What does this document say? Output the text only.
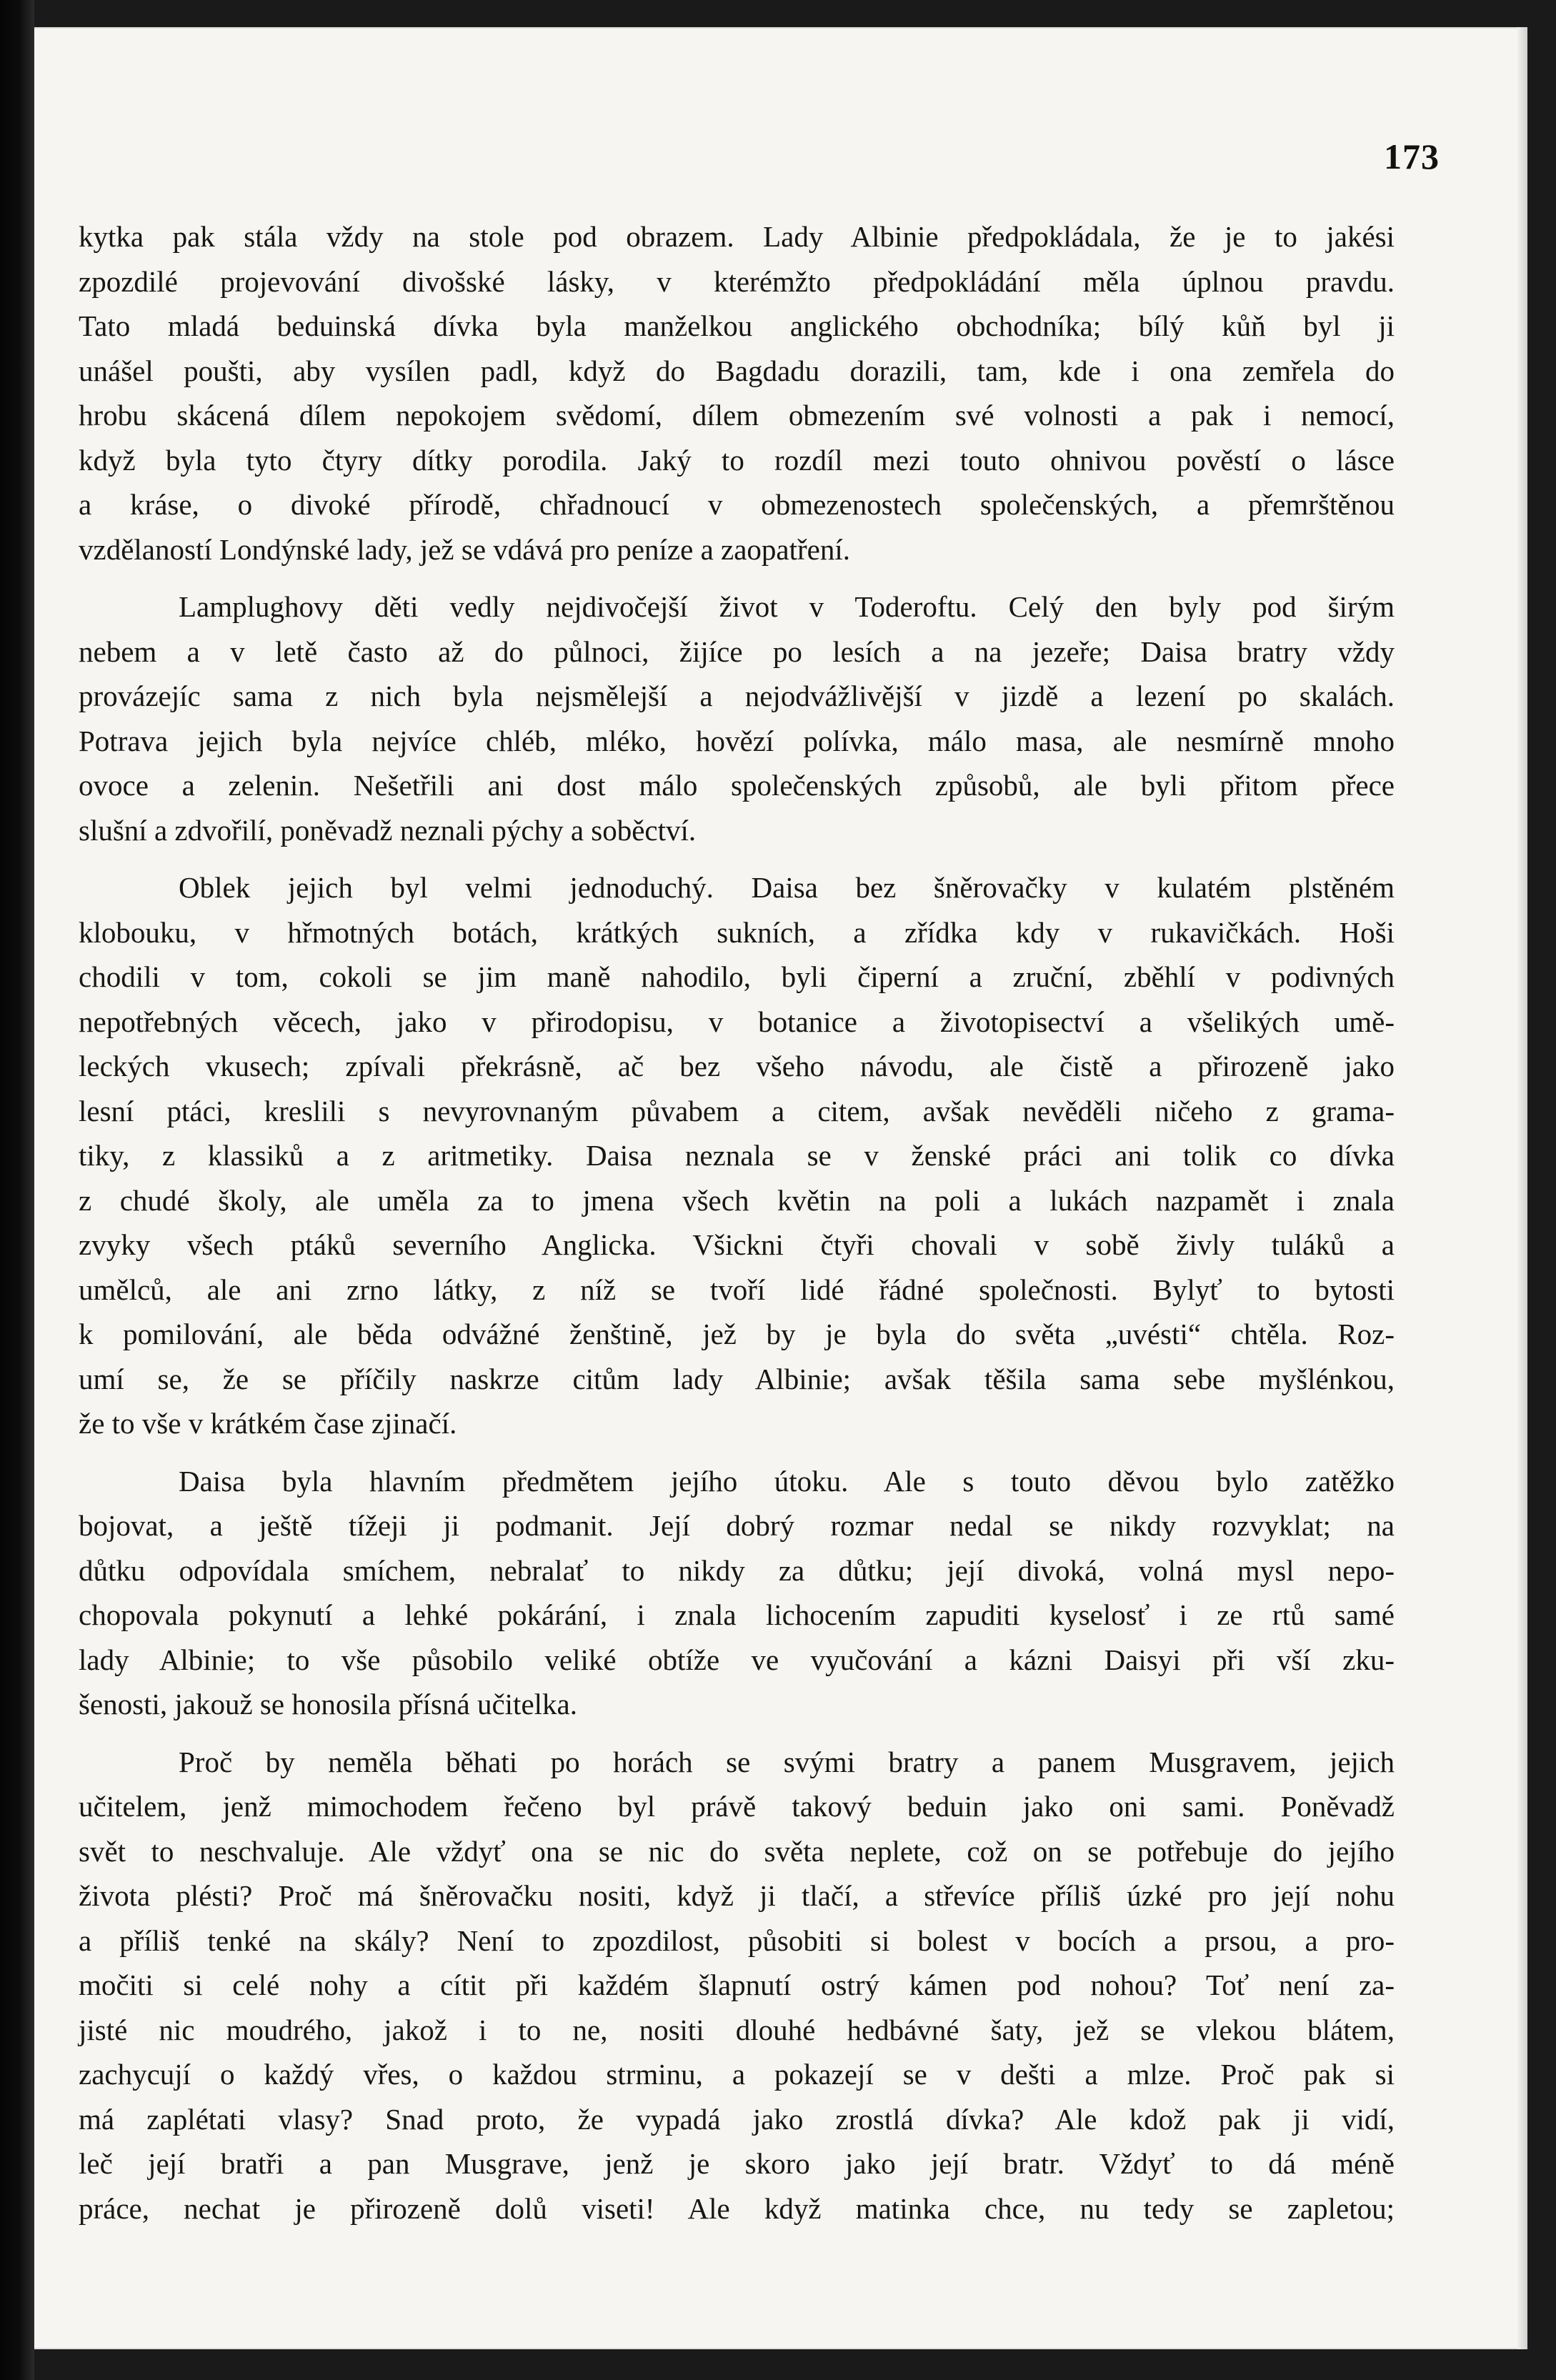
173

kytka pak stála vždy na stole pod obrazem. Lady Albinie předpokládala, že je to jakési
zpozdilé projevování divošské lásky, v kterémžto předpokládání měla úplnou pravdu.
Tato mladá beduinská dívka byla manželkou anglického obchodníka; bílý kůň byl ji
unášel poušti, aby vysílen padl, když do Bagdadu dorazili, tam, kde i ona zemřela do
hrobu skácená dílem nepokojem svědomí, dílem obmezením své volnosti a pak i nemocí,
když byla tyto čtyry dítky porodila. Jaký to rozdíl mezi touto ohnivou pověstí o lásce
a kráse, o divoké přírodě, chřadnoucí v obmezenostech společenských, a přemrštěnou
vzdělaností Londýnské lady, jež se vdává pro peníze a zaopatření.

Lamplughovy děti vedly nejdivočejší život v Toderoftu. Celý den byly pod širým
nebem a v letě často až do půlnoci, žijíce po lesích a na jezeře; Daisa bratry vždy
provázejíc sama z nich byla nejsmělejší a nejodvážlivější v jizdě a lezení po skalách.
Potrava jejich byla nejvíce chléb, mléko, hovězí polívka, málo masa, ale nesmírně mnoho
ovoce a zelenin. Nešetřili ani dost málo společenských způsobů, ale byli přitom přece
slušní a zdvořilí, poněvadž neznali pýchy a soběctví.

Oblek jejich byl velmi jednoduchý. Daisa bez šněrovačky v kulatém plstěném
klobouku, v hřmotných botách, krátkých sukních, a zřídka kdy v rukavičkách. Hoši
chodili v tom, cokoli se jim maně nahodilo, byli čiperní a zruční, zběhlí v podivných
nepotřebných věcech, jako v přirodopisu, v botanice a životopisectví a všelikých umě-
leckých vkusech; zpívali překrásně, ač bez všeho návodu, ale čistě a přirozeně jako
lesní ptáci, kreslili s nevyrovnaným půvabem a citem, avšak nevěděli ničeho z grama-
tiky, z klassiků a z aritmetiky. Daisa neznala se v ženské práci ani tolik co dívka
z chudé školy, ale uměla za to jmena všech květin na poli a lukách nazpamět i znala
zvyky všech ptáků severního Anglicka. Všickni čtyři chovali v sobě živly tuláků a
umělců, ale ani zrno látky, z níž se tvoří lidé řádné společnosti. Bylyť to bytosti
k pomilování, ale běda odvážné ženštině, jež by je byla do světa „uvésti“ chtěla. Roz-
umí se, že se příčily naskrze citům lady Albinie; avšak těšila sama sebe myšlénkou,
že to vše v krátkém čase zjinačí.

Daisa byla hlavním předmětem jejího útoku. Ale s touto děvou bylo zatěžko
bojovat, a ještě tížeji ji podmanit. Její dobrý rozmar nedal se nikdy rozvyklat; na
důtku odpovídala smíchem, nebralať to nikdy za důtku; její divoká, volná mysl nepo-
chopovala pokynutí a lehké pokárání, i znala lichocením zapuditi kyselosť i ze rtů samé
lady Albinie; to vše působilo veliké obtíže ve vyučování a kázni Daisyi při vší zku-
šenosti, jakouž se honosila přísná učitelka.

Proč by neměla běhati po horách se svými bratry a panem Musgravem, jejich
učitelem, jenž mimochodem řečeno byl právě takový beduin jako oni sami. Poněvadž
svět to neschvaluje. Ale vždyť ona se nic do světa neplete, což on se potřebuje do jejího
života plésti? Proč má šněrovačku nositi, když ji tlačí, a střevíce příliš úzké pro její nohu
a příliš tenké na skály? Není to zpozdilost, působiti si bolest v bocích a prsou, a pro-
močiti si celé nohy a cítit při každém šlapnutí ostrý kámen pod nohou? Toť není za-
jisté nic moudrého, jakož i to ne, nositi dlouhé hedbávné šaty, jež se vlekou blátem,
zachycují o každý vřes, o každou strminu, a pokazejí se v dešti a mlze. Proč pak si
má zaplétati vlasy? Snad proto, že vypadá jako zrostlá dívka? Ale kdož pak ji vidí,
leč její bratři a pan Musgrave, jenž je skoro jako její bratr. Vždyť to dá méně
práce, nechat je přirozeně dolů viseti! Ale když matinka chce, nu tedy se zapletou;
